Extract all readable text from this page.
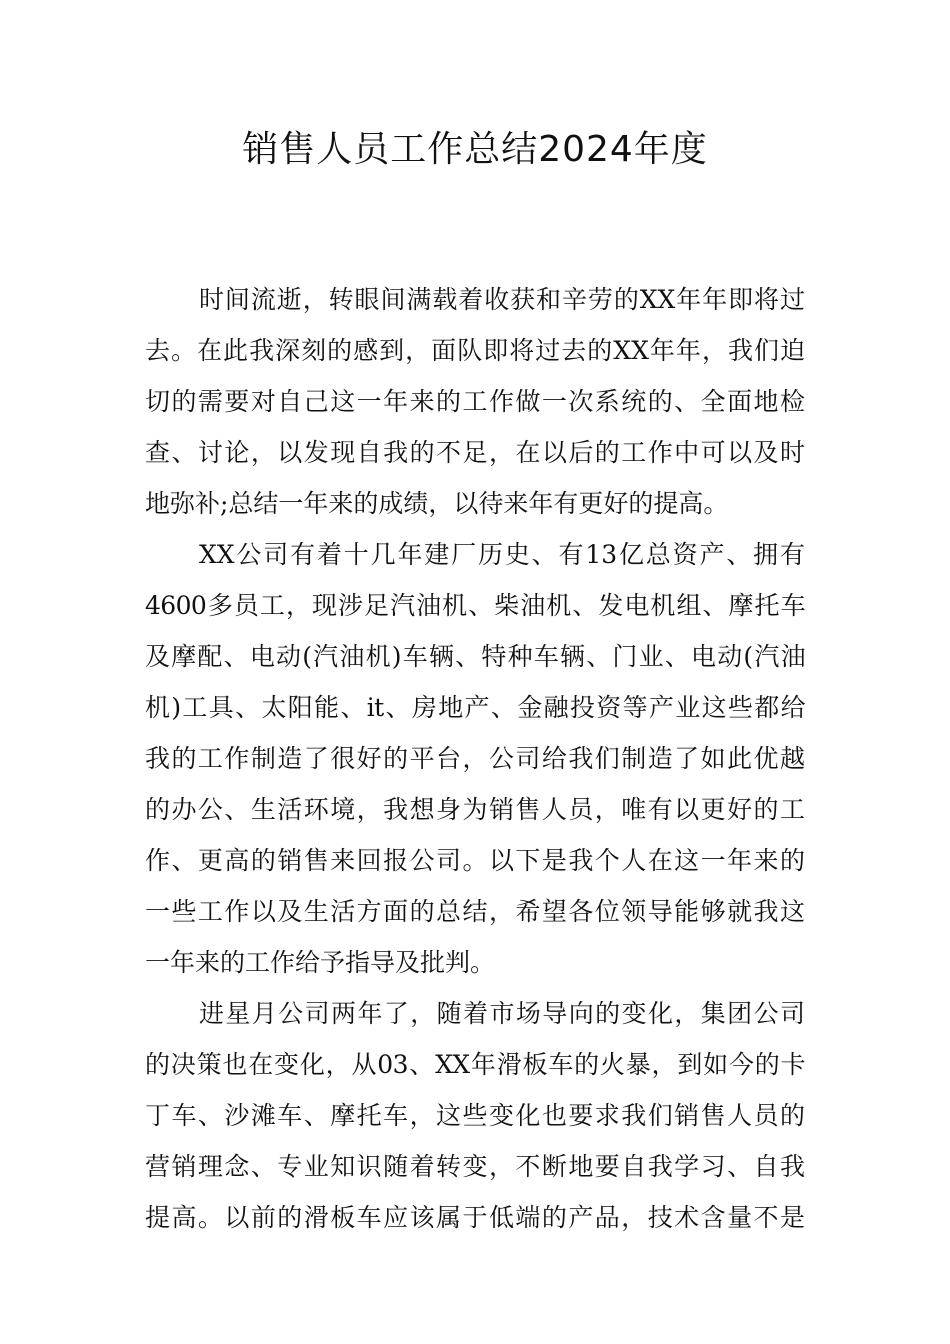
销售人员工作总结2024年度
时间流逝，转眼间满载着收获和辛劳的XX年年即将过
去。在此我深刻的感到，面队即将过去的XX年年，我们迫
切的需要对自己这一年来的工作做一次系统的、全面地检
查、讨论，以发现自我的不足，在以后的工作中可以及时
地弥补;总结一年来的成绩，以待来年有更好的提高。
XX公司有着十几年建厂历史、有13亿总资产、拥有
4600多员工，现涉足汽油机、柴油机、发电机组、摩托车
及摩配、电动(汽油机)车辆、特种车辆、门业、电动(汽油
机)工具、太阳能、it、房地产、金融投资等产业这些都给
我的工作制造了很好的平台，公司给我们制造了如此优越
的办公、生活环境，我想身为销售人员，唯有以更好的工
作、更高的销售来回报公司。以下是我个人在这一年来的
一些工作以及生活方面的总结，希望各位领导能够就我这
一年来的工作给予指导及批判。
进星月公司两年了，随着市场导向的变化，集团公司
的决策也在变化，从03、XX年滑板车的火暴，到如今的卡
丁车、沙滩车、摩托车，这些变化也要求我们销售人员的
营销理念、专业知识随着转变，不断地要自我学习、自我
提高。以前的滑板车应该属于低端的产品，技术含量不是
